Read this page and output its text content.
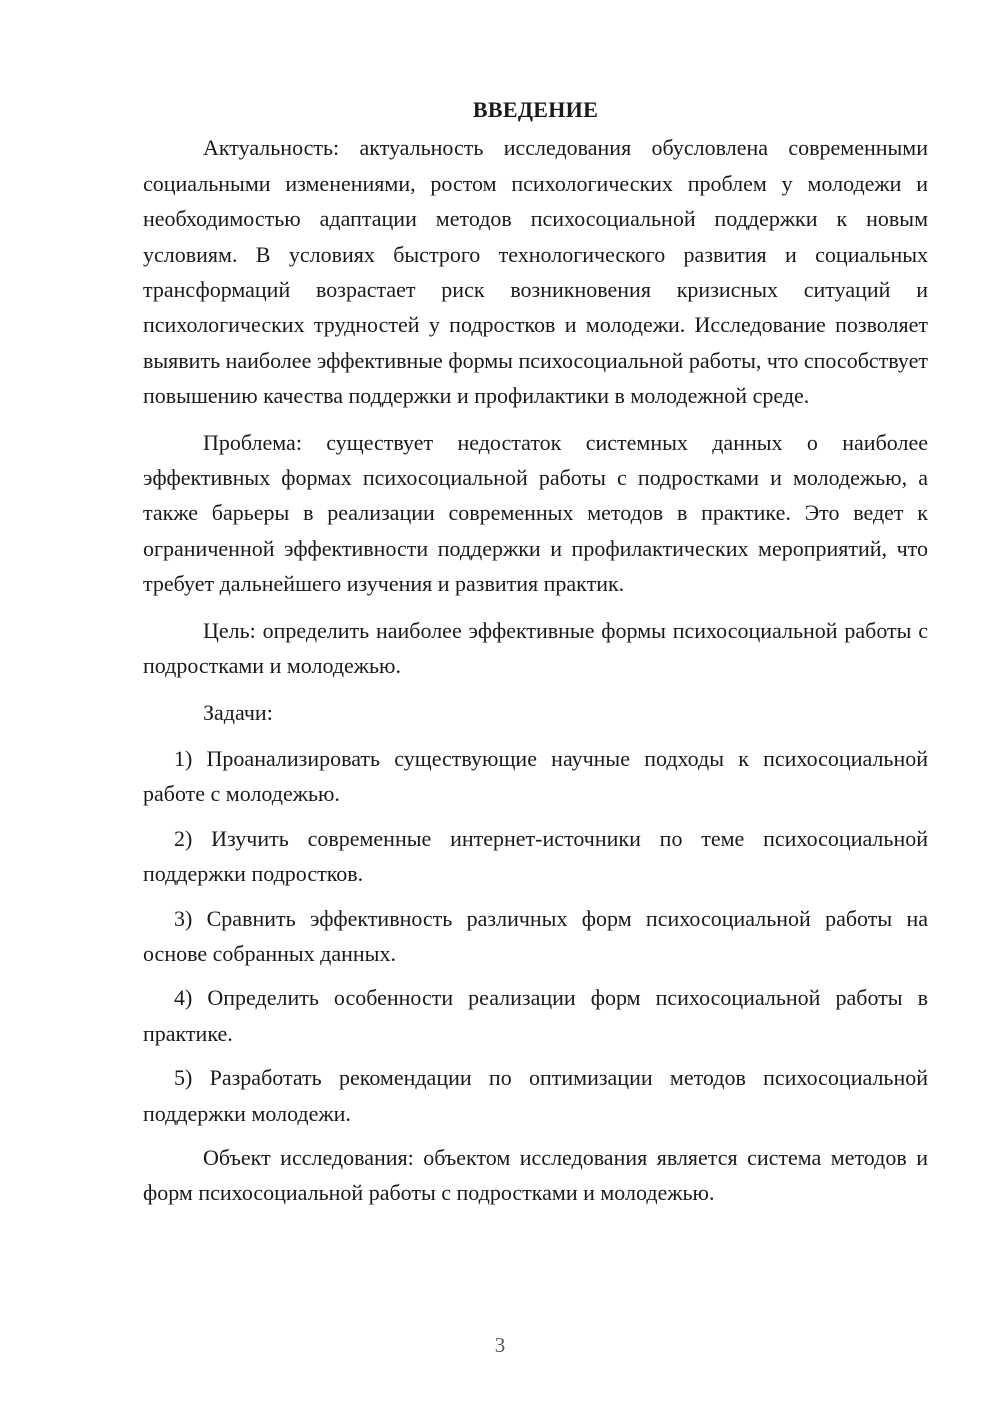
ВВЕДЕНИЕ

Актуальность: актуальность исследования обусловлена современными социальными изменениями, ростом психологических проблем у молодежи и необходимостью адаптации методов психосоциальной поддержки к новым условиям. В условиях быстрого технологического развития и социальных трансформаций возрастает риск возникновения кризисных ситуаций и психологических трудностей у подростков и молодежи. Исследование позволяет выявить наиболее эффективные формы психосоциальной работы, что способствует повышению качества поддержки и профилактики в молодежной среде.

Проблема: существует недостаток системных данных о наиболее эффективных формах психосоциальной работы с подростками и молодежью, а также барьеры в реализации современных методов в практике. Это ведет к ограниченной эффективности поддержки и профилактических мероприятий, что требует дальнейшего изучения и развития практик.

Цель: определить наиболее эффективные формы психосоциальной работы с подростками и молодежью.

Задачи:

1) Проанализировать существующие научные подходы к психосоциальной работе с молодежью.

2) Изучить современные интернет-источники по теме психосоциальной поддержки подростков.

3) Сравнить эффективность различных форм психосоциальной работы на основе собранных данных.

4) Определить особенности реализации форм психосоциальной работы в практике.

5) Разработать рекомендации по оптимизации методов психосоциальной поддержки молодежи.

Объект исследования: объектом исследования является система методов и форм психосоциальной работы с подростками и молодежью.

3
